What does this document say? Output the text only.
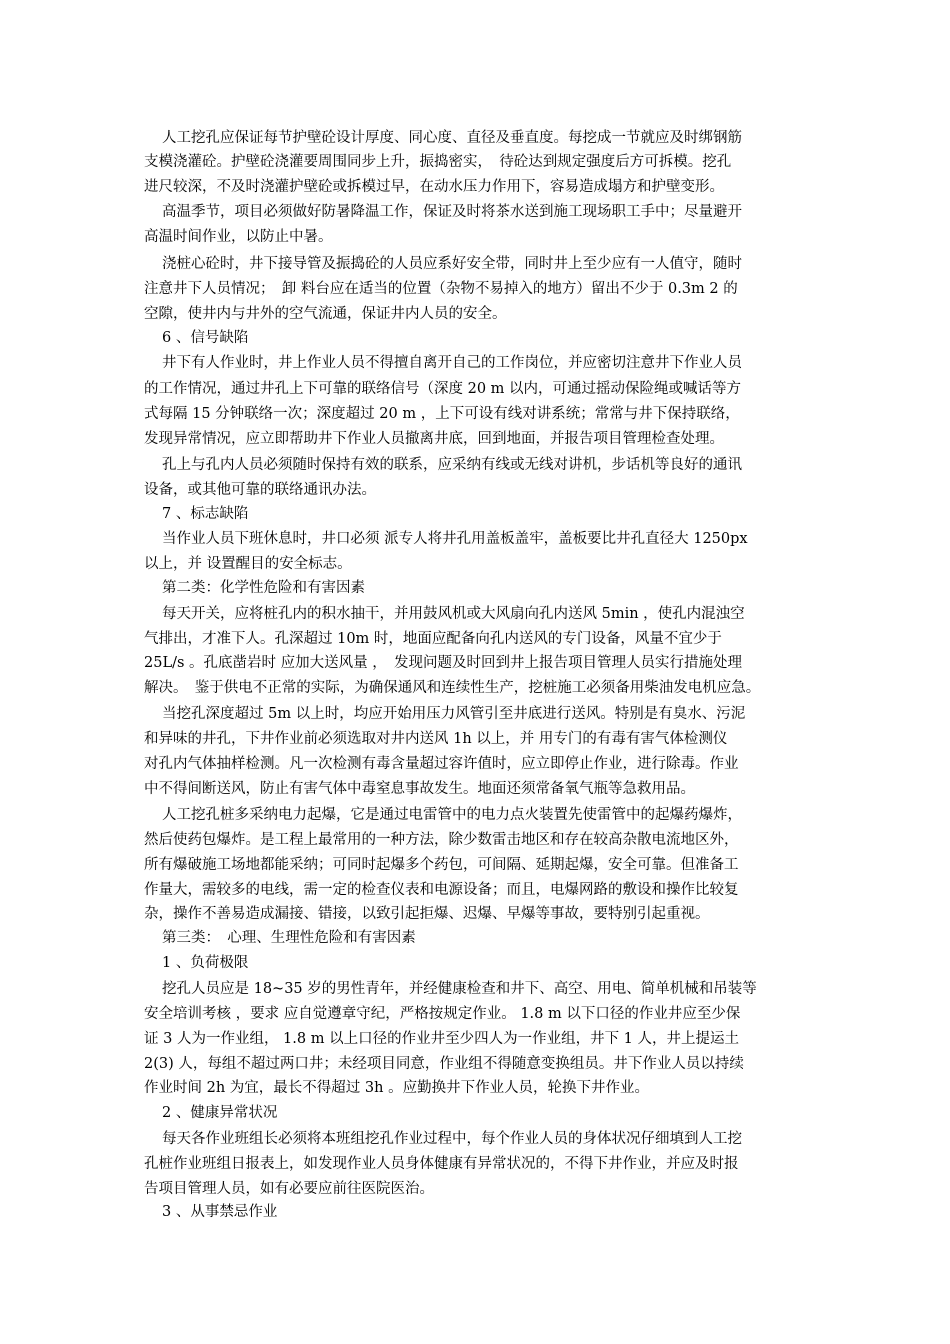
人工挖孔应保证每节护壁砼设计厚度、同心度、直径及垂直度。每挖成一节就应及时绑钢筋

支模浇灌砼。护壁砼浇灌要周围同步上升，振捣密实，　待砼达到规定强度后方可拆模。挖孔

进尺较深，不及时浇灌护壁砼或拆模过早，在动水压力作用下，容易造成塌方和护壁变形。

高温季节，项目必须做好防暑降温工作，保证及时将茶水送到施工现场职工手中；尽量避开

高温时间作业，以防止中暑。

浇桩心砼时，井下接导管及振捣砼的人员应系好安全带，同时井上至少应有一人值守，随时

注意井下人员情况；　卸 料台应在适当的位置（杂物不易掉入的地方）留出不少于 0.3m 2 的

空隙，使井内与井外的空气流通，保证井内人员的安全。

6 、信号缺陷

井下有人作业时，井上作业人员不得擅自离开自己的工作岗位，并应密切注意井下作业人员

的工作情况，通过井孔上下可靠的联络信号（深度 20 m 以内，可通过摇动保险绳或喊话等方

式每隔 15 分钟联络一次；深度超过 20 m ，上下可设有线对讲系统；常常与井下保持联络，

发现异常情况，应立即帮助井下作业人员撤离井底，回到地面，并报告项目管理检查处理。

孔上与孔内人员必须随时保持有效的联系，应采纳有线或无线对讲机，步话机等良好的通讯

设备，或其他可靠的联络通讯办法。

7 、标志缺陷

当作业人员下班休息时，井口必须 派专人将井孔用盖板盖牢，盖板要比井孔直径大 1250px

以上，并 设置醒目的安全标志。

第二类：化学性危险和有害因素

每天开关，应将桩孔内的积水抽干，并用鼓风机或大风扇向孔内送风 5min ，使孔内混浊空

气排出，才准下人。孔深超过 10m 时，地面应配备向孔内送风的专门设备，风量不宜少于

25L/s 。孔底凿岩时 应加大送风量 ，　发现问题及时回到井上报告项目管理人员实行措施处理

解决。　鉴于供电不正常的实际，为确保通风和连续性生产，挖桩施工必须备用柴油发电机应急。

当挖孔深度超过 5m 以上时，均应开始用压力风管引至井底进行送风。特别是有臭水、污泥

和异味的井孔，下井作业前必须选取对井内送风 1h 以上，并 用专门的有毒有害气体检测仪

对孔内气体抽样检测。凡一次检测有毒含量超过容许值时，应立即停止作业，进行除毒。作业

中不得间断送风，防止有害气体中毒窒息事故发生。地面还须常备氧气瓶等急救用品。

人工挖孔桩多采纳电力起爆，它是通过电雷管中的电力点火装置先使雷管中的起爆药爆炸，

然后使药包爆炸。是工程上最常用的一种方法，除少数雷击地区和存在较高杂散电流地区外，

所有爆破施工场地都能采纳；可同时起爆多个药包，可间隔、延期起爆，安全可靠。但准备工

作量大，需较多的电线，需一定的检查仪表和电源设备；而且，电爆网路的敷设和操作比较复

杂，操作不善易造成漏接、错接，以致引起拒爆、迟爆、早爆等事故，要特别引起重视。

第三类：　心理、生理性危险和有害因素

1 、负荷极限

挖孔人员应是 18~35 岁的男性青年，并经健康检查和井下、高空、用电、简单机械和吊装等

安全培训考核 ，要求 应自觉遵章守纪，严格按规定作业。 1.8 m 以下口径的作业井应至少保

证 3 人为一作业组， 1.8 m 以上口径的作业井至少四人为一作业组，井下 1 人，井上提运土

2(3) 人，每组不超过两口井；未经项目同意，作业组不得随意变换组员。井下作业人员以持续

作业时间 2h 为宜，最长不得超过 3h 。应勤换井下作业人员，轮换下井作业。

2 、健康异常状况

每天各作业班组长必须将本班组挖孔作业过程中，每个作业人员的身体状况仔细填到人工挖

孔桩作业班组日报表上，如发现作业人员身体健康有异常状况的，不得下井作业，并应及时报

告项目管理人员，如有必要应前往医院医治。

3 、从事禁忌作业
